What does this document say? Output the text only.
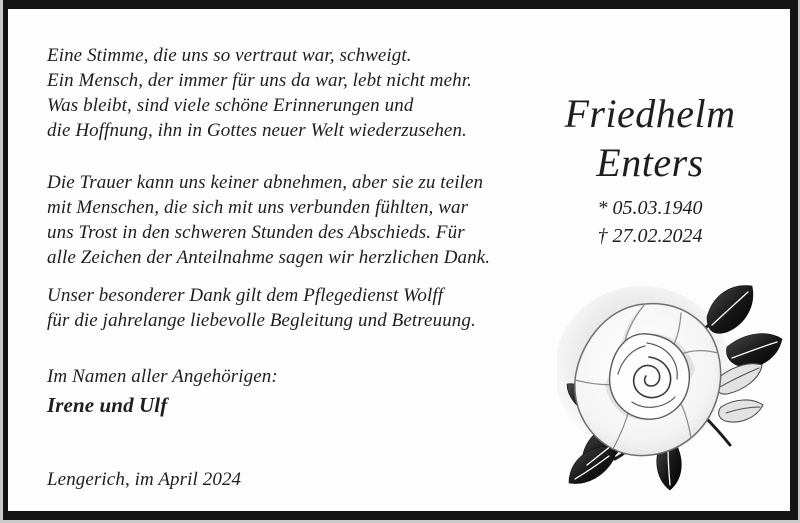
Eine Stimme, die uns so vertraut war, schweigt.
Ein Mensch, der immer für uns da war, lebt nicht mehr.
Was bleibt, sind viele schöne Erinnerungen und
die Hoffnung, ihn in Gottes neuer Welt wiederzusehen.
Die Trauer kann uns keiner abnehmen, aber sie zu teilen
mit Menschen, die sich mit uns verbunden fühlten, war
uns Trost in den schweren Stunden des Abschieds. Für
alle Zeichen der Anteilnahme sagen wir herzlichen Dank.
Unser besonderer Dank gilt dem Pflegedienst Wolff
für die jahrelange liebevolle Begleitung und Betreuung.
Im Namen aller Angehörigen:
Irene und Ulf
Lengerich, im April 2024
Friedhelm
Enters
* 05.03.1940
† 27.02.2024
